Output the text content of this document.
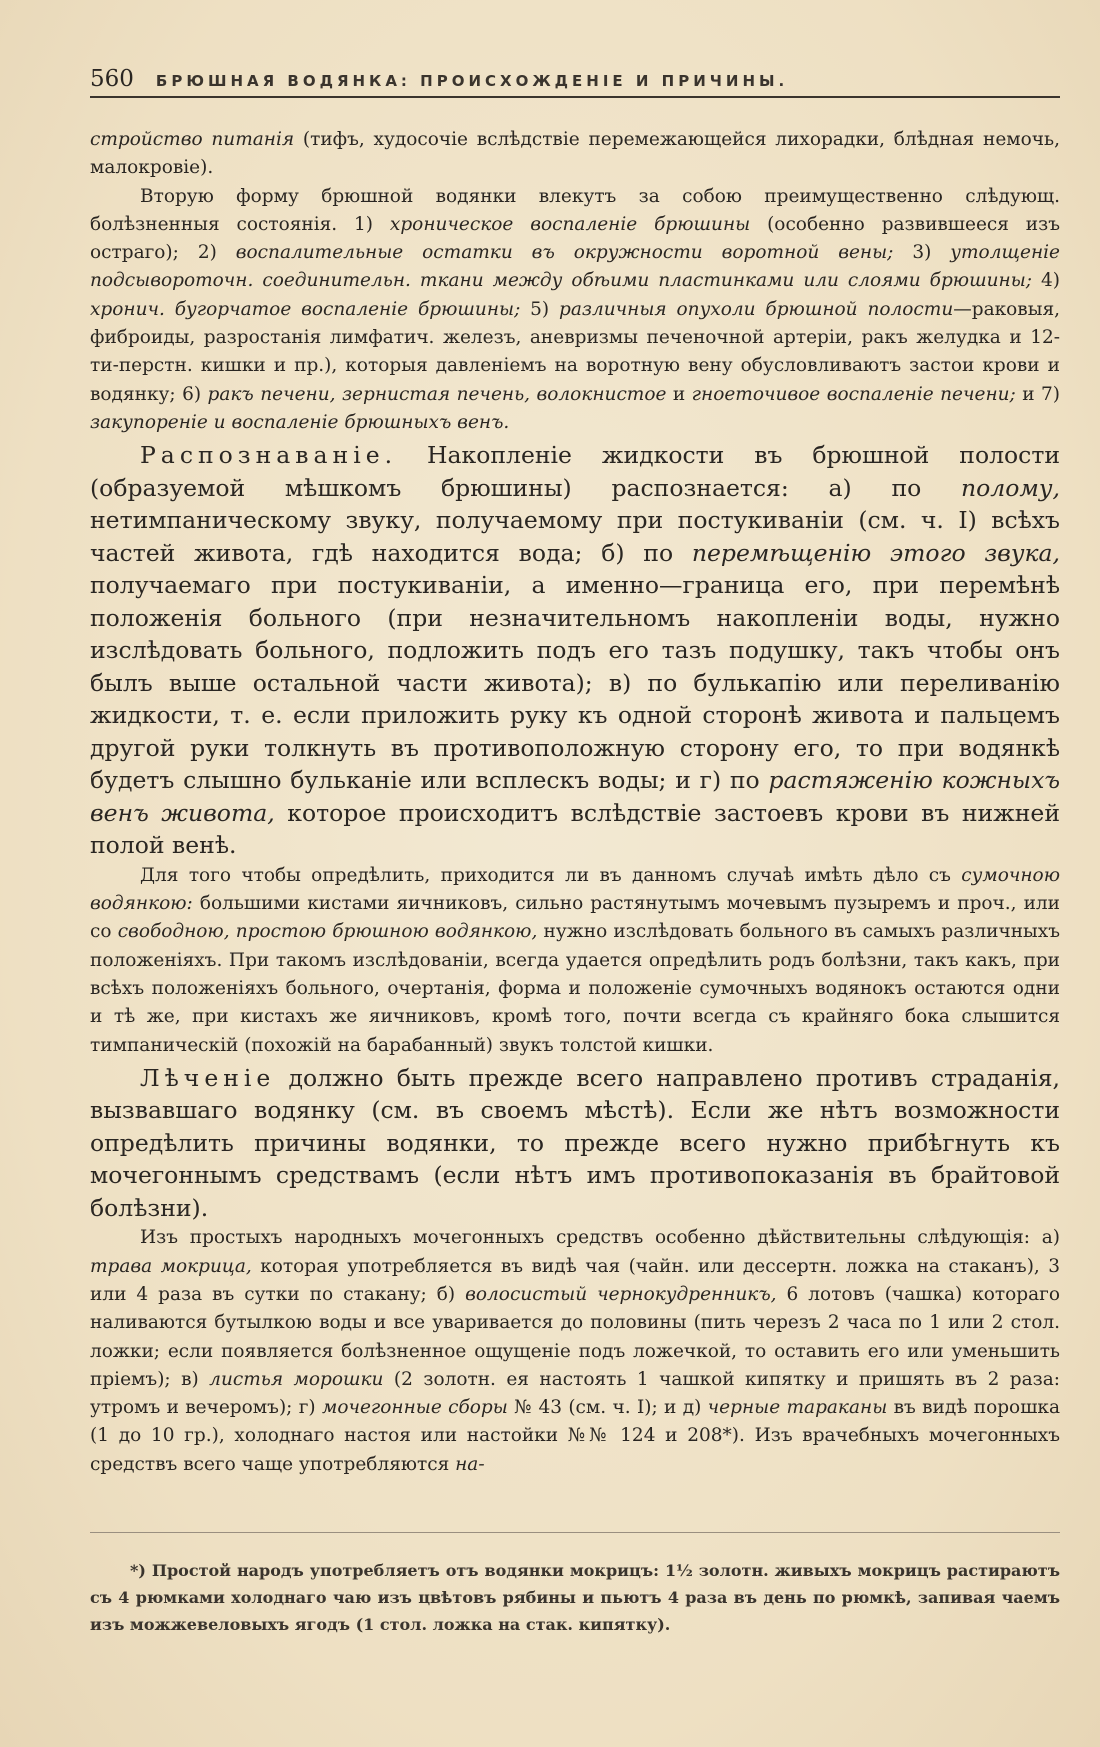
560 БРЮШНАЯ ВОДЯНКА: ПРОИСХОЖДЕНІЕ И ПРИЧИНЫ.

стройство питанія (тифъ, худосочіе вслѣдствіе перемежающейся лихорадки, блѣдная немочь, малокровіе).

Вторую форму брюшной водянки влекутъ за собою преимущественно слѣдующ. болѣзненныя состоянія. 1) хроническое воспаленіе брюшины (особенно развившееся изъ остраго); 2) воспалительные остатки въ окружности воротной вены; 3) утолщеніе подсывороточн. соединительн. ткани между обѣими пластинками или слоями брюшины; 4) хронич. бугорчатое воспаленіе брюшины; 5) различныя опухоли брюшной полости—раковыя, фиброиды, разростанія лимфатич. железъ, аневризмы печеночной артеріи, ракъ желудка и 12-ти-перстн. кишки и пр.), которыя давленіемъ на воротную вену обусловливаютъ застои крови и водянку; 6) ракъ печени, зернистая печень, волокнистое и гноеточивое воспаленіе печени; и 7) закупореніе и воспаленіе брюшныхъ венъ.

Распознаваніе. Накопленіе жидкости въ брюшной полости (образуемой мѣшкомъ брюшины) распознается: а) по полому, нетимпаническому звуку, получаемому при постукиваніи (см. ч. I) всѣхъ частей живота, гдѣ находится вода; б) по перемѣщенію этого звука, получаемаго при постукиваніи, а именно—граница его, при перемѣнѣ положенія больного (при незначительномъ накопленіи воды, нужно изслѣдовать больного, подложить подъ его тазъ подушку, такъ чтобы онъ былъ выше остальной части живота); в) по булькапію или переливанію жидкости, т. е. если приложить руку къ одной сторонѣ живота и пальцемъ другой руки толкнуть въ противоположную сторону его, то при водянкѣ будетъ слышно бульканіе или всплескъ воды; и г) по растяженію кожныхъ венъ живота, которое происходитъ вслѣдствіе застоевъ крови въ нижней полой венѣ.

Для того чтобы опредѣлить, приходится ли въ данномъ случаѣ имѣть дѣло съ сумочною водянкою: большими кистами яичниковъ, сильно растянутымъ мочевымъ пузыремъ и проч., или со свободною, простою брюшною водянкою, нужно изслѣдовать больного въ самыхъ различныхъ положеніяхъ. При такомъ изслѣдованіи, всегда удается опредѣлить родъ болѣзни, такъ какъ, при всѣхъ положеніяхъ больного, очертанія, форма и положеніе сумочныхъ водянокъ остаются одни и тѣ же, при кистахъ же яичниковъ, кромѣ того, почти всегда съ крайняго бока слышится тимпаническій (похожій на барабанный) звукъ толстой кишки.

Лѣченіе должно быть прежде всего направлено противъ страданія, вызвавшаго водянку (см. въ своемъ мѣстѣ). Если же нѣтъ возможности опредѣлить причины водянки, то прежде всего нужно прибѣгнуть къ мочегоннымъ средствамъ (если нѣтъ имъ противопоказанія въ брайтовой болѣзни).

Изъ простыхъ народныхъ мочегонныхъ средствъ особенно дѣйствительны слѣдующія: а) трава мокрица, которая употребляется въ видѣ чая (чайн. или дессертн. ложка на стаканъ), 3 или 4 раза въ сутки по стакану; б) волосистый чернокудренникъ, 6 лотовъ (чашка) котораго наливаются бутылкою воды и все уваривается до половины (пить черезъ 2 часа по 1 или 2 стол. ложки; если появляется болѣзненное ощущеніе подъ ложечкой, то оставить его или уменьшить пріемъ); в) листья морошки (2 золотн. ея настоять 1 чашкой кипятку и пришять въ 2 раза: утромъ и вечеромъ); г) мочегонные сборы № 43 (см. ч. I); и д) черные тараканы въ видѣ порошка (1 до 10 гр.), холоднаго настоя или настойки №№ 124 и 208*). Изъ врачебныхъ мочегонныхъ средствъ всего чаще употребляются на-

*) Простой народъ употребляетъ отъ водянки мокрицъ: 1½ золотн. живыхъ мокрицъ растираютъ съ 4 рюмками холоднаго чаю изъ цвѣтовъ рябины и пьютъ 4 раза въ день по рюмкѣ, запивая чаемъ изъ можжевеловыхъ ягодъ (1 стол. ложка на стак. кипятку).
